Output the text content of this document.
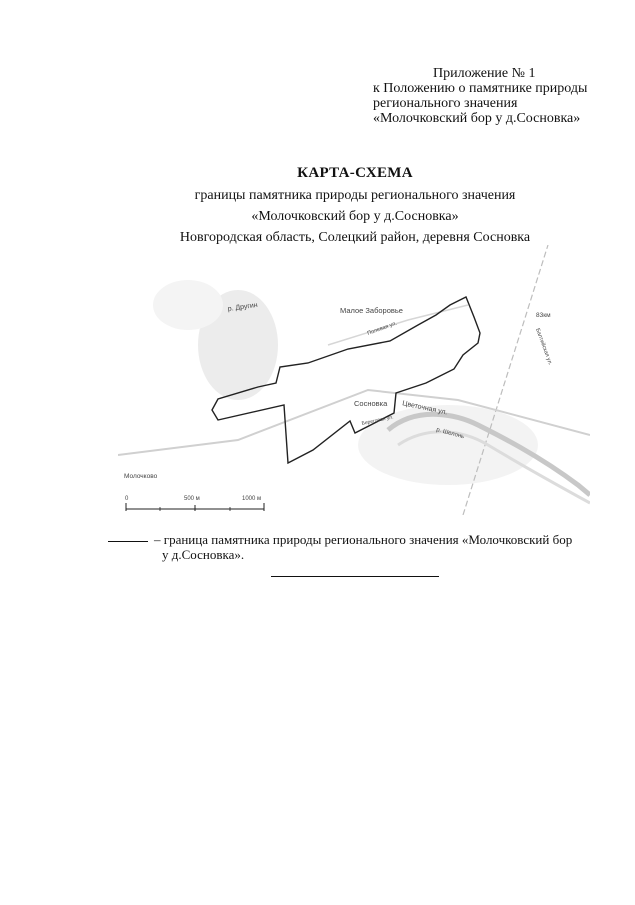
Приложение № 1
к Положению о памятнике природы
регионального значения
«Молочковский бор у д.Сосновка»
КАРТА-СХЕМА
границы памятника природы регионального значения
«Молочковский бор у д.Сосновка»
Новгородская область, Солецкий район, деревня Сосновка
р. Другин	Малое Заборовье
Полевая ул.
83км
Балтийская ул.
Сосновка Цветочная ул.
Береговая ул.
р. Шелонь
Молочково
0	500 м	1000 м
– граница памятника природы регионального значения «Молочковский бор
у д.Сосновка».
